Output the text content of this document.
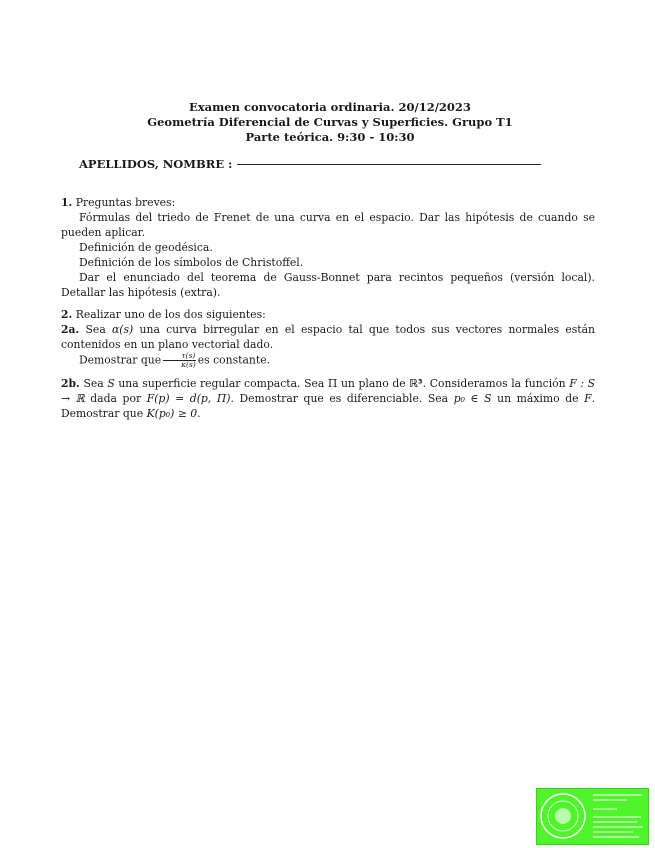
Examen convocatoria ordinaria. 20/12/2023
Geometría Diferencial de Curvas y Superficies. Grupo T1
Parte teórica. 9:30 - 10:30
APELLIDOS, NOMBRE :

1. Preguntas breves:

Fórmulas del triedo de Frenet de una curva en el espacio. Dar las hipótesis de cuando se pueden aplicar.

Definición de geodésica.

Definición de los símbolos de Christoffel.

Dar el enunciado del teorema de Gauss-Bonnet para recintos pequeños (versión local). Detallar las hipótesis (extra).

2. Realizar uno de los dos siguientes:

2a. Sea α(s) una curva birregular en el espacio tal que todos sus vectores normales están contenidos en un plano vectorial dado.

Demostrar que $\frac{\tau(s)}{\kappa(s)}$ es constante.

2b. Sea S una superficie regular compacta. Sea Π un plano de ℝ³. Consideramos la función F : S → ℝ dada por F(p) = d(p, Π). Demostrar que es diferenciable. Sea p₀ ∈ S un máximo de F. Demostrar que K(p₀) ≥ 0.
